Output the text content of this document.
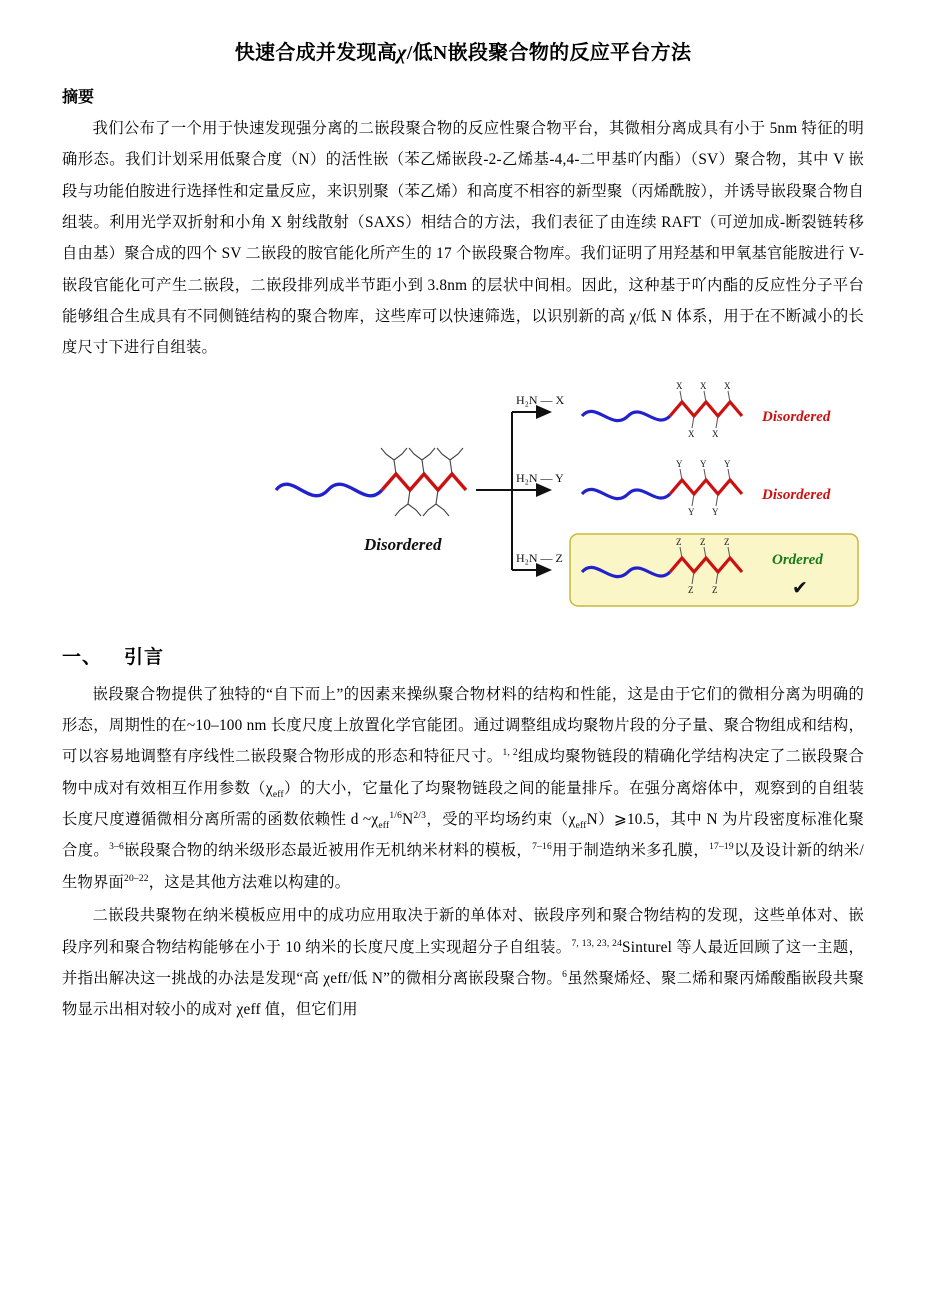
快速合成并发现高χ/低N嵌段聚合物的反应平台方法
摘要

我们公布了一个用于快速发现强分离的二嵌段聚合物的反应性聚合物平台，其微相分离成具有小于 5nm 特征的明确形态。我们计划采用低聚合度（N）的活性嵌（苯乙烯嵌段-2-乙烯基-4,4-二甲基吖内酯）（SV）聚合物，其中 V 嵌段与功能伯胺进行选择性和定量反应，来识别聚（苯乙烯）和高度不相容的新型聚（丙烯酰胺），并诱导嵌段聚合物自组装。利用光学双折射和小角 X 射线散射（SAXS）相结合的方法，我们表征了由连续 RAFT（可逆加成-断裂链转移自由基）聚合成的四个 SV 二嵌段的胺官能化所产生的 17 个嵌段聚合物库。我们证明了用羟基和甲氧基官能胺进行 V-嵌段官能化可产生二嵌段，二嵌段排列成半节距小到 3.8nm 的层状中间相。因此，这种基于吖内酯的反应性分子平台能够组合生成具有不同侧链结构的聚合物库，这些库可以快速筛选，以识别新的高 χ/低 N 体系，用于在不断减小的长度尺寸下进行自组装。

Disordered
H₂N — X
H₂N — Y
H₂N — Z
X
X
X
X
X
Disordered
Y
Y
Y
Y
Y
Disordered
Z
Z
Z
Z
Z
Ordered
✔
一、 引言

嵌段聚合物提供了独特的“自下而上”的因素来操纵聚合物材料的结构和性能，这是由于它们的微相分离为明确的形态，周期性的在~10–100 nm 长度尺度上放置化学官能团。通过调整组成均聚物片段的分子量、聚合物组成和结构，可以容易地调整有序线性二嵌段聚合物形成的形态和特征尺寸。$^{1, 2}$组成均聚物链段的精确化学结构决定了二嵌段聚合物中成对有效相互作用参数$(\chi_{eff})$的大小，它量化了均聚物链段之间的能量排斥。在强分离熔体中，观察到的自组装长度尺度遵循微相分离所需的函数依赖性 d $\sim\chi_{eff}^{1/6}N^{2/3}$，受的平均场约束$(\chi_{eff}N)⩾10.5$，其中 N 为片段密度标准化聚合度。$^{3-6}$嵌段聚合物的纳米级形态最近被用作无机纳米材料的模板，$^{7-16}$用于制造纳米多孔膜，$^{17-19}$以及设计新的纳米/生物界面$^{20-22}$，这是其他方法难以构建的。

二嵌段共聚物在纳米模板应用中的成功应用取决于新的单体对、嵌段序列和聚合物结构的发现，这些单体对、嵌段序列和聚合物结构能够在小于 10 纳米的长度尺度上实现超分子自组装。$^{7, 13, 23, 24}$Sinturel 等人最近回顾了这一主题，并指出解决这一挑战的办法是发现“高 χeff/低 N”的微相分离嵌段聚合物。$^6$虽然聚烯烃、聚二烯和聚丙烯酸酯嵌段共聚物显示出相对较小的成对 χeff 值，但它们用
